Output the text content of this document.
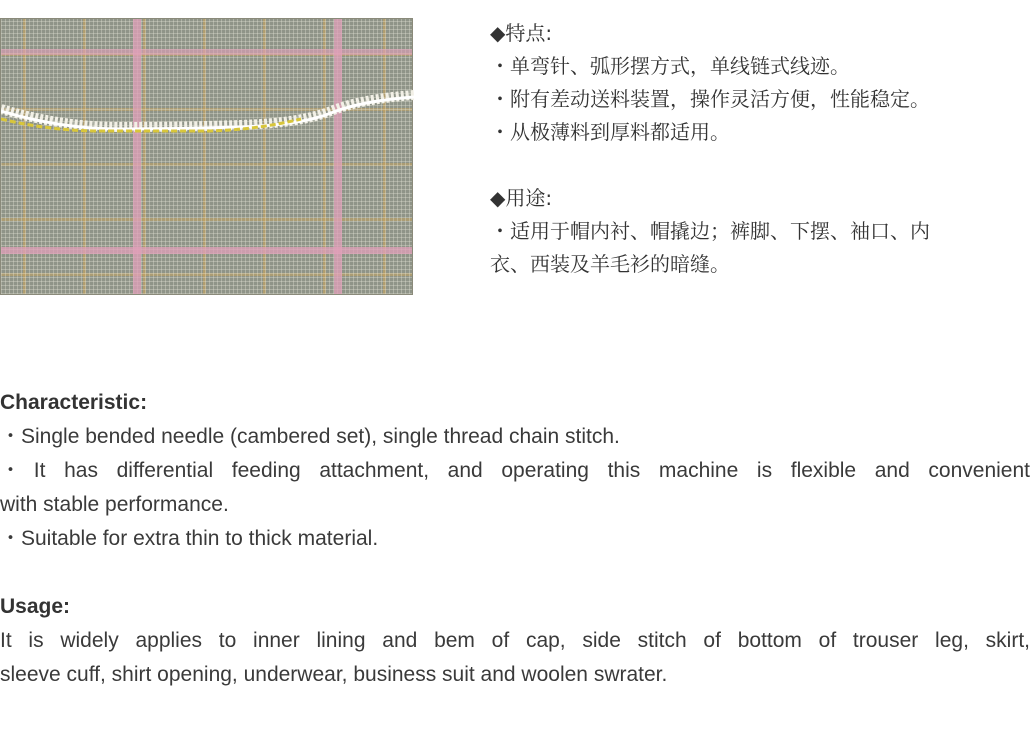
◆特点:

・单弯针、弧形摆方式，单线链式线迹。

・附有差动送料装置，操作灵活方便，性能稳定。

・从极薄料到厚料都适用。

◆用途:

・适用于帽内衬、帽撬边；裤脚、下摆、袖口、内

衣、西装及羊毛衫的暗缝。

Characteristic:

・Single bended needle (cambered set), single thread chain stitch.

・It has differential feeding attachment, and operating this machine is flexible and convenient

with stable performance.

・Suitable for extra thin to thick material.

Usage:

It is widely applies to inner lining and bem of cap, side stitch of bottom of trouser leg, skirt,

sleeve cuff, shirt opening, underwear, business suit and woolen swrater.
